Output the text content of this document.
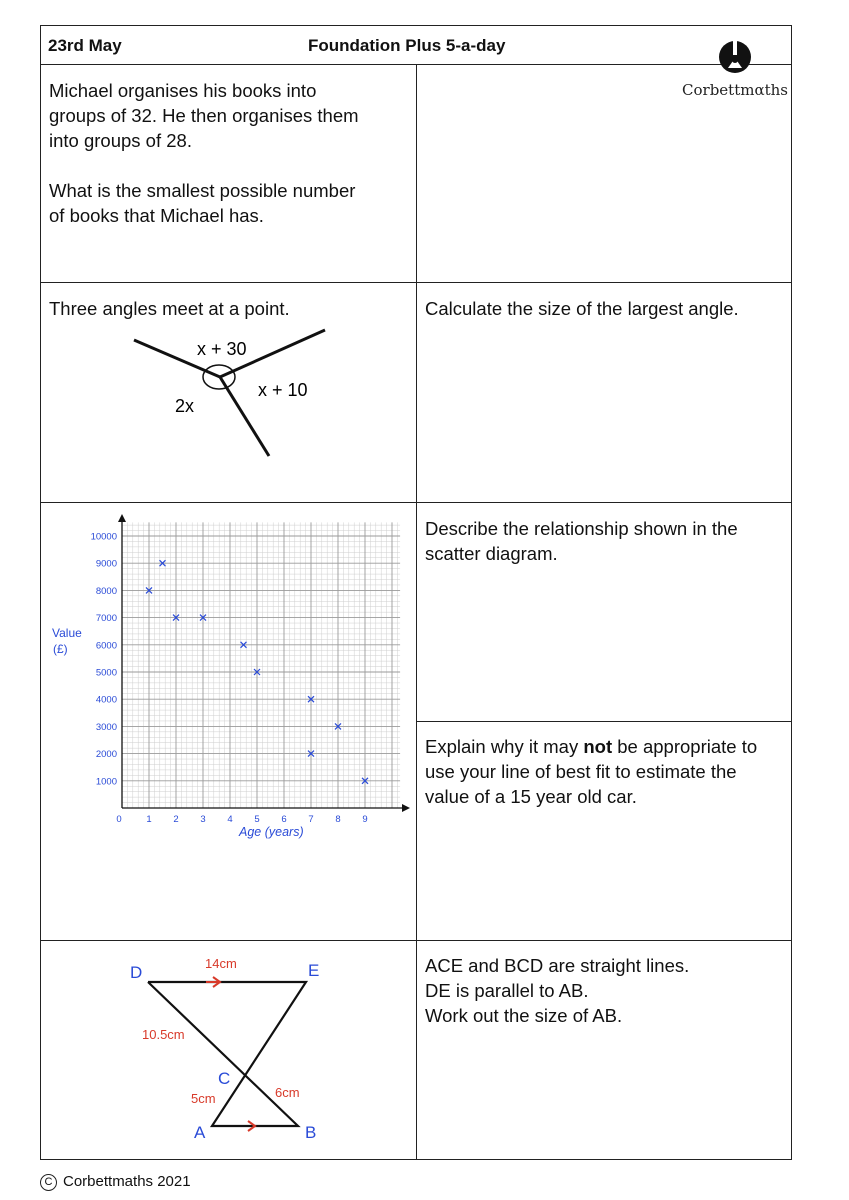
23rd May	Foundation Plus 5-a-day
Corbettmαths
Michael organises his books into
groups of 32. He then organises them
into groups of 28.
What is the smallest possible number
of books that Michael has.
Three angles meet at a point.	Calculate the size of the largest angle.
x + 30
x + 10
2x
1000
2000
3000
4000
5000
6000
7000
8000
9000
10000
0	1 2 3 4 5 6 7 8 9
Value
(£)
Age (years)
Describe the relationship shown in the
scatter diagram.
Explain why it may not be appropriate to
use your line of best fit to estimate the
value of a 15 year old car.
D	E
C
A	B
14cm
10.5cm
5cm	6cm
ACE and BCD are straight lines.
DE is parallel to AB.
Work out the size of AB.
C Corbettmaths 2021
